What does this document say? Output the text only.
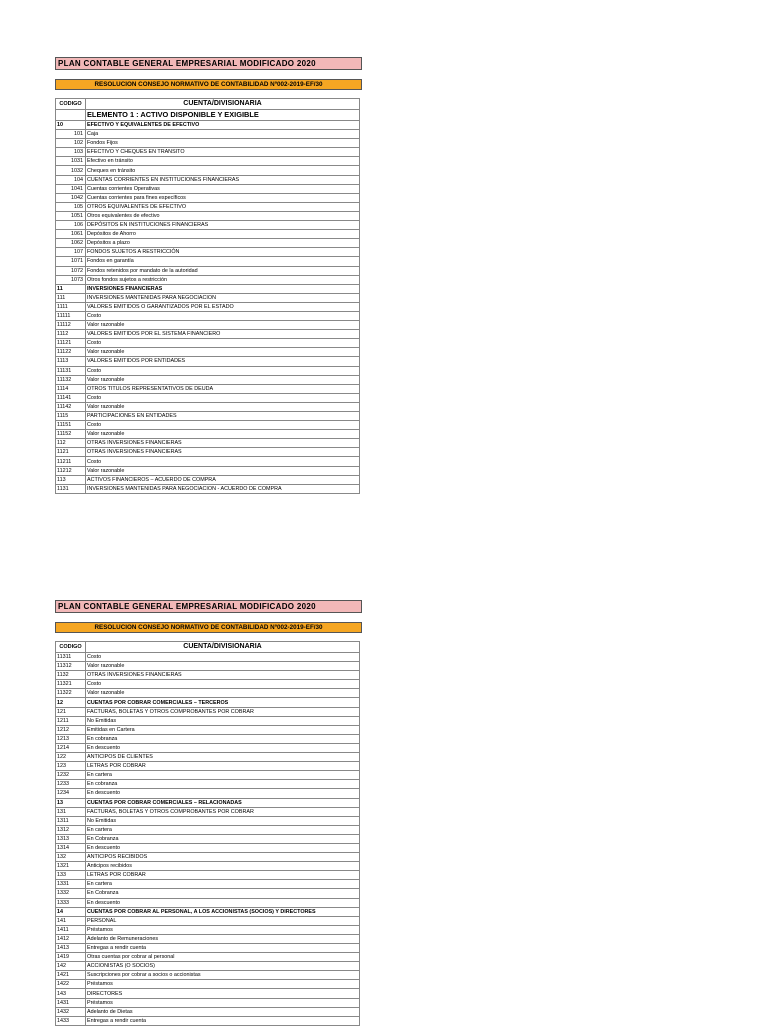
PLAN CONTABLE GENERAL EMPRESARIAL MODIFICADO 2020
RESOLUCION CONSEJO NORMATIVO DE CONTABILIDAD Nº002-2019-EF/30
CODIGO	CUENTA/DIVISIONARIA
	ELEMENTO 1 : ACTIVO DISPONIBLE Y EXIGIBLE
10	EFECTIVO Y EQUIVALENTES DE EFECTIVO
101	Caja
102	Fondos Fijos
103	EFECTIVO Y CHEQUES EN TRANSITO
1031	Efectivo en tránsito
1032	Cheques en tránsito
104	CUENTAS CORRIENTES EN INSTITUCIONES FINANCIERAS
1041	Cuentas corrientes Operativas
1042	Cuentas corrientes para fines específicos
105	OTROS EQUIVALENTES DE EFECTIVO
1051	Otros equivalentes de efectivo
106	DEPÓSITOS EN INSTITUCIONES FINANCIERAS
1061	Depósitos de Ahorro
1062	Depósitos a plazo
107	FONDOS SUJETOS A RESTRICCIÓN
1071	Fondos en garantía
1072	Fondos retenidos por mandato de la autoridad
1073	Otros fondos sujetos a restricción
11	INVERSIONES FINANCIERAS
111	INVERSIONES MANTENIDAS PARA NEGOCIACION
1111	VALORES EMITIDOS O GARANTIZADOS POR EL ESTADO
11111	Costo
11112	Valor razonable
1112	VALORES EMITIDOS POR EL SISTEMA FINANCIERO
11121	Costo
11122	Valor razonable
1113	VALORES EMITIDOS POR ENTIDADES
11131	Costo
11132	Valor razonable
1114	OTROS TITULOS REPRESENTATIVOS DE DEUDA
11141	Costo
11142	Valor razonable
1115	PARTICIPACIONES EN ENTIDADES
11151	Costo
11152	Valor razonable
112	OTRAS INVERSIONES FINANCIERAS
1121	OTRAS INVERSIONES FINANCIERAS
11211	Costo
11212	Valor razonable
113	ACTIVOS FINANCIEROS – ACUERDO DE COMPRA
1131	INVERSIONES MANTENIDAS PARA NEGOCIACION - ACUERDO DE COMPRA
PLAN CONTABLE GENERAL EMPRESARIAL MODIFICADO 2020
RESOLUCION CONSEJO NORMATIVO DE CONTABILIDAD Nº002-2019-EF/30
CODIGO	CUENTA/DIVISIONARIA
11311	Costo
11312	Valor razonable
1132	OTRAS INVERSIONES FINANCIERAS
11321	Costo
11322	Valor razonable
12	CUENTAS POR COBRAR COMERCIALES – TERCEROS
121	FACTURAS, BOLETAS Y OTROS COMPROBANTES POR COBRAR
1211	No Emitidas
1212	Emitidas en Cartera
1213	En cobranza
1214	En descuento
122	ANTICIPOS DE CLIENTES
123	LETRAS POR COBRAR
1232	En cartera
1233	En cobranza
1234	En descuento
13	CUENTAS POR COBRAR COMERCIALES – RELACIONADAS
131	FACTURAS, BOLETAS Y OTROS COMPROBANTES POR COBRAR
1311	No Emitidas
1312	En cartera
1313	En Cobranza
1314	En descuento
132	ANTICIPOS RECIBIDOS
1321	Anticipos recibidos
133	LETRAS POR COBRAR
1331	En cartera
1332	En Cobranza
1333	En descuento
14	CUENTAS POR COBRAR AL PERSONAL, A LOS ACCIONISTAS (SOCIOS) Y DIRECTORES
141	PERSONAL
1411	Préstamos
1412	Adelanto de Remuneraciones
1413	Entregas a rendir cuenta
1419	Otras cuentas por cobrar al personal
142	ACCIONISTAS (O SOCIOS)
1421	Suscripciones por cobrar a socios o accionistas
1422	Préstamos
143	DIRECTORES
1431	Préstamos
1432	Adelanto de Dietas
1433	Entregas a rendir cuenta
